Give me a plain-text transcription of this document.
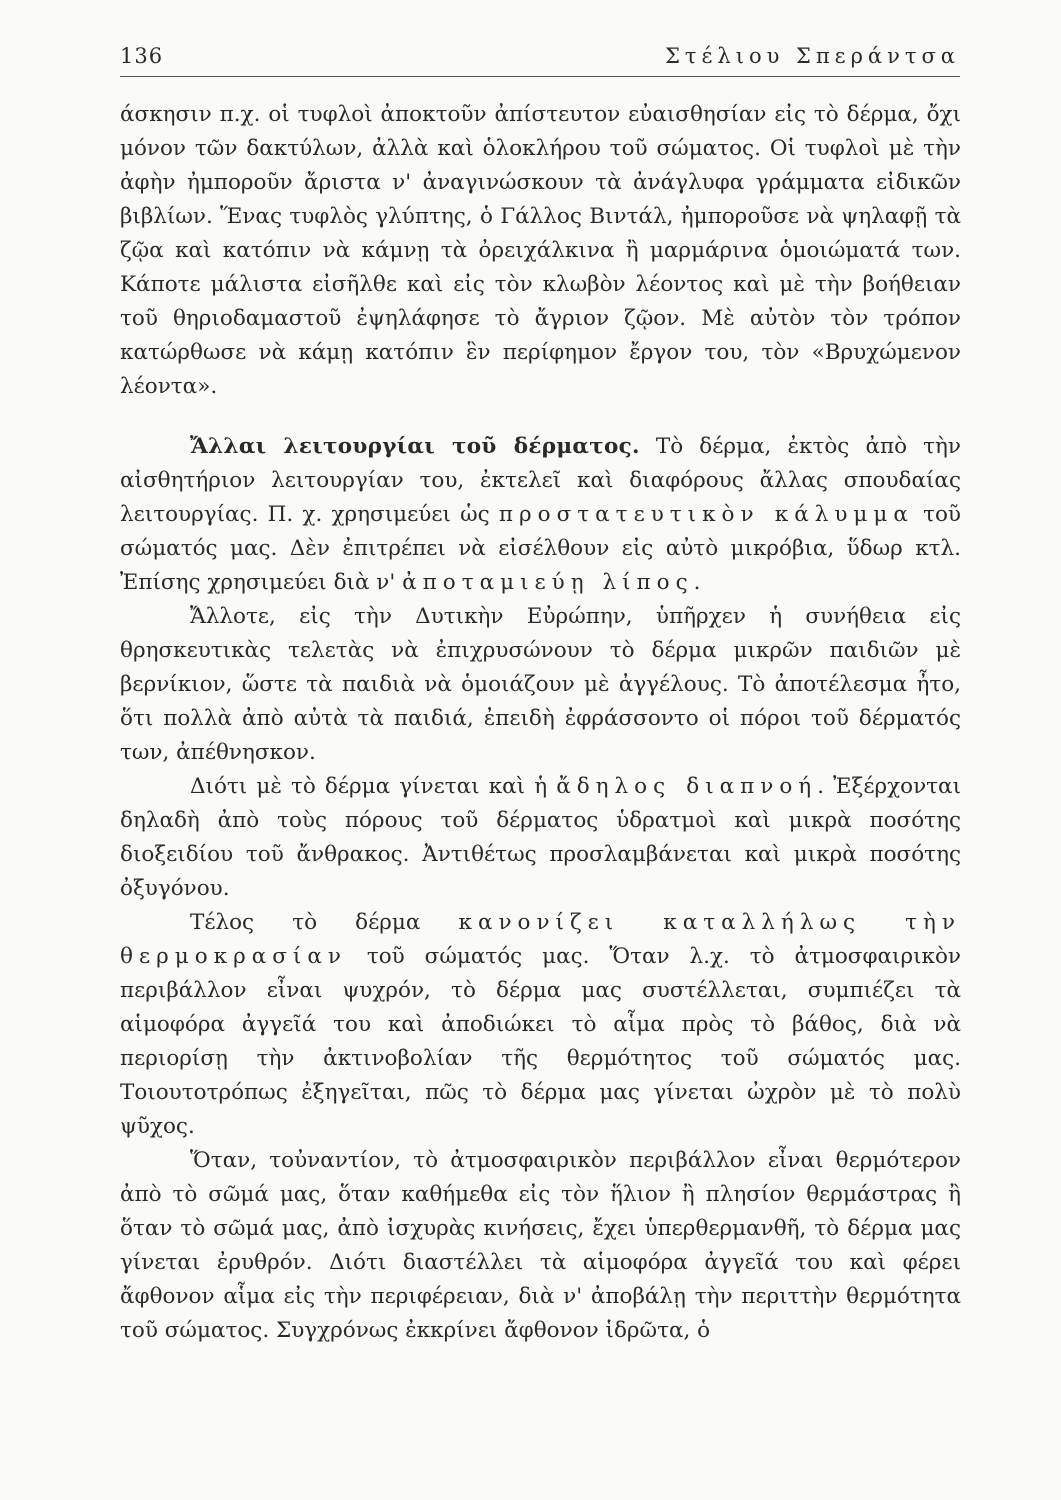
136	Στέλιου Σπεράντσα

άσκησιν π.χ. οἱ τυφλοὶ ἀποκτοῦν ἀπίστευτον εὐαισθησίαν εἰς τὸ δέρμα, ὄχι μόνον τῶν δακτύλων, ἀλλὰ καὶ ὁλοκλήρου τοῦ σώματος. Οἱ τυφλοὶ μὲ τὴν ἀφὴν ἠμποροῦν ἄριστα ν' ἀναγινώσκουν τὰ ἀνάγλυφα γράμματα εἰδικῶν βιβλίων. Ἕνας τυφλὸς γλύπτης, ὁ Γάλλος Βιντάλ, ἠμποροῦσε νὰ ψηλαφῇ τὰ ζῷα καὶ κατόπιν νὰ κάμνῃ τὰ ὀρειχάλκινα ἢ μαρμάρινα ὁμοιώματά των. Κάποτε μάλιστα εἰσῆλθε καὶ εἰς τὸν κλωβὸν λέοντος καὶ μὲ τὴν βοήθειαν τοῦ θηριοδαμαστοῦ ἐψηλάφησε τὸ ἄγριον ζῷον. Μὲ αὐτὸν τὸν τρόπον κατώρθωσε νὰ κάμῃ κατόπιν ἓν περίφημον ἔργον του, τὸν «Βρυχώμενον λέοντα».

Ἄλλαι λειτουργίαι τοῦ δέρματος. Τὸ δέρμα, ἐκτὸς ἀπὸ τὴν αἰσθητήριον λειτουργίαν του, ἐκτελεῖ καὶ διαφόρους ἄλλας σπουδαίας λειτουργίας. Π. χ. χρησιμεύει ὡς προστατευτικὸν κάλυμμα τοῦ σώματός μας. Δὲν ἐπιτρέπει νὰ εἰσέλθουν εἰς αὐτὸ μικρόβια, ὕδωρ κτλ. Ἐπίσης χρησιμεύει διὰ ν' ἀποταμιεύῃ λίπος.

Ἄλλοτε, εἰς τὴν Δυτικὴν Εὐρώπην, ὑπῆρχεν ἡ συνήθεια εἰς θρησκευτικὰς τελετὰς νὰ ἐπιχρυσώνουν τὸ δέρμα μικρῶν παιδιῶν μὲ βερνίκιον, ὥστε τὰ παιδιὰ νὰ ὁμοιάζουν μὲ ἀγγέλους. Τὸ ἀποτέλεσμα ἦτο, ὅτι πολλὰ ἀπὸ αὐτὰ τὰ παιδιά, ἐπειδὴ ἐφράσσοντο οἱ πόροι τοῦ δέρματός των, ἀπέθνησκον.

Διότι μὲ τὸ δέρμα γίνεται καὶ ἡ ἄδηλος διαπνοή. Ἐξέρχονται δηλαδὴ ἀπὸ τοὺς πόρους τοῦ δέρματος ὑδρατμοὶ καὶ μικρὰ ποσότης διοξειδίου τοῦ ἄνθρακος. Ἀντιθέτως προσλαμβάνεται καὶ μικρὰ ποσότης ὀξυγόνου.

Τέλος τὸ δέρμα κανονίζει καταλλήλως τὴν θερμοκρασίαν τοῦ σώματός μας. Ὅταν λ.χ. τὸ ἀτμοσφαιρικὸν περιβάλλον εἶναι ψυχρόν, τὸ δέρμα μας συστέλλεται, συμπιέζει τὰ αἱμοφόρα ἀγγεῖά του καὶ ἀποδιώκει τὸ αἷμα πρὸς τὸ βάθος, διὰ νὰ περιορίσῃ τὴν ἀκτινοβολίαν τῆς θερμότητος τοῦ σώματός μας. Τοιουτοτρόπως ἐξηγεῖται, πῶς τὸ δέρμα μας γίνεται ὠχρὸν μὲ τὸ πολὺ ψῦχος.

Ὅταν, τοὐναντίον, τὸ ἀτμοσφαιρικὸν περιβάλλον εἶναι θερμότερον ἀπὸ τὸ σῶμά μας, ὅταν καθήμεθα εἰς τὸν ἥλιον ἢ πλησίον θερμάστρας ἢ ὅταν τὸ σῶμά μας, ἀπὸ ἰσχυρὰς κινήσεις, ἔχει ὑπερθερμανθῆ, τὸ δέρμα μας γίνεται ἐρυθρόν. Διότι διαστέλλει τὰ αἱμοφόρα ἀγγεῖά του καὶ φέρει ἄφθονον αἷμα εἰς τὴν περιφέρειαν, διὰ ν' ἀποβάλῃ τὴν περιττὴν θερμότητα τοῦ σώματος. Συγχρόνως ἐκκρίνει ἄφθονον ἱδρῶτα, ὁ
